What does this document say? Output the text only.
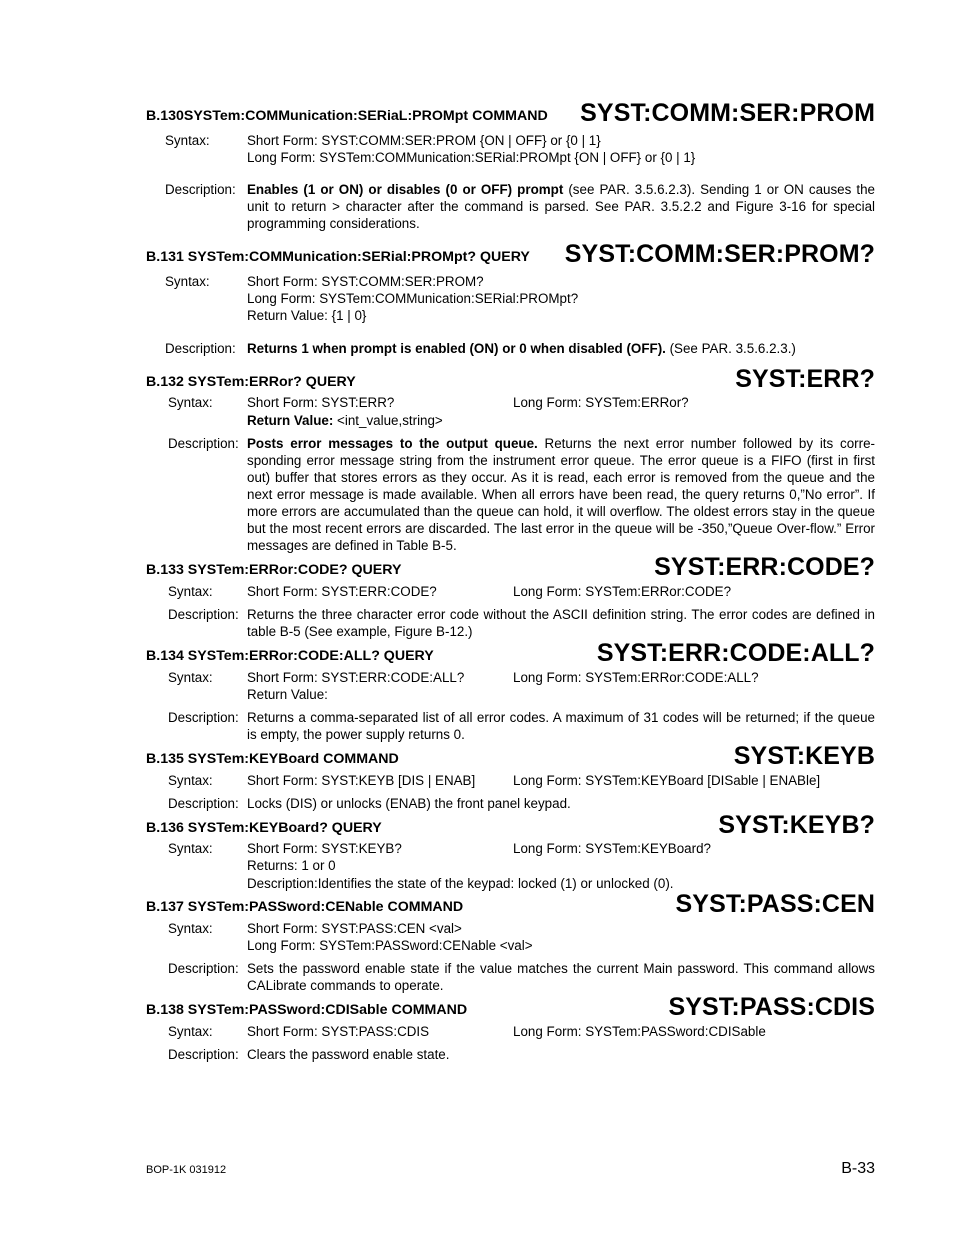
B.130SYSTem:COMMunication:SERiaL:PROMpt COMMAND SYST:COMM:SER:PROM
Syntax:	Short Form: SYST:COMM:SER:PROM {ON | OFF} or {0 | 1}
Long Form: SYSTem:COMMunication:SERial:PROMpt {ON | OFF} or {0 | 1}
Description: Enables (1 or ON) or disables (0 or OFF) prompt (see PAR. 3.5.6.2.3). Sending 1 or ON causes the unit to return > character after the command is parsed. See PAR. 3.5.2.2 and Figure 3-16 for special programming considerations.
B.131 SYSTem:COMMunication:SERial:PROMpt? QUERY SYST:COMM:SER:PROM?
Syntax:	Short Form: SYST:COMM:SER:PROM?
Long Form: SYSTem:COMMunication:SERial:PROMpt?
Return Value: {1 | 0}
Description: Returns 1 when prompt is enabled (ON) or 0 when disabled (OFF). (See PAR. 3.5.6.2.3.)
B.132 SYSTem:ERRor? QUERY	SYST:ERR?
Syntax:	Short Form: SYST:ERR?	Long Form: SYSTem:ERRor?
Return Value: <int_value,string>
Description: Posts error messages to the output queue. Returns the next error number followed by its corre-sponding error message string from the instrument error queue. The error queue is a FIFO (first in first out) buffer that stores errors as they occur. As it is read, each error is removed from the queue and the next error message is made available. When all errors have been read, the query returns 0,”No error”. If more errors are accumulated than the queue can hold, it will overflow. The oldest errors stay in the queue but the most recent errors are discarded. The last error in the queue will be -350,”Queue Over-flow.” Error messages are defined in Table B-5.
B.133 SYSTem:ERRor:CODE? QUERY	SYST:ERR:CODE?
Syntax:	Short Form: SYST:ERR:CODE?	Long Form: SYSTem:ERRor:CODE?
Description: Returns the three character error code without the ASCII definition string. The error codes are defined in table B-5 (See example, Figure B-12.)
B.134 SYSTem:ERRor:CODE:ALL? QUERY	SYST:ERR:CODE:ALL?
Syntax:	Short Form: SYST:ERR:CODE:ALL?	Long Form: SYSTem:ERRor:CODE:ALL?
Return Value:
Description: Returns a comma-separated list of all error codes. A maximum of 31 codes will be returned; if the queue is empty, the power supply returns 0.
B.135 SYSTem:KEYBoard COMMAND	SYST:KEYB
Syntax:	Short Form: SYST:KEYB [DIS | ENAB]	Long Form: SYSTem:KEYBoard [DISable | ENABle]
Description: Locks (DIS) or unlocks (ENAB) the front panel keypad.
B.136 SYSTem:KEYBoard? QUERY	SYST:KEYB?
Syntax:	Short Form: SYST:KEYB?	Long Form: SYSTem:KEYBoard?
Returns: 1 or 0
Description:Identifies the state of the keypad: locked (1) or unlocked (0).
B.137 SYSTem:PASSword:CENable COMMAND	SYST:PASS:CEN
Syntax:	Short Form: SYST:PASS:CEN <val>
Long Form: SYSTem:PASSword:CENable <val>
Description: Sets the password enable state if the value matches the current Main password. This command allows CALibrate commands to operate.
B.138 SYSTem:PASSword:CDISable COMMAND	SYST:PASS:CDIS
Syntax:	Short Form: SYST:PASS:CDIS	Long Form: SYSTem:PASSword:CDISable
Description: Clears the password enable state.
BOP-1K 031912	B-33
